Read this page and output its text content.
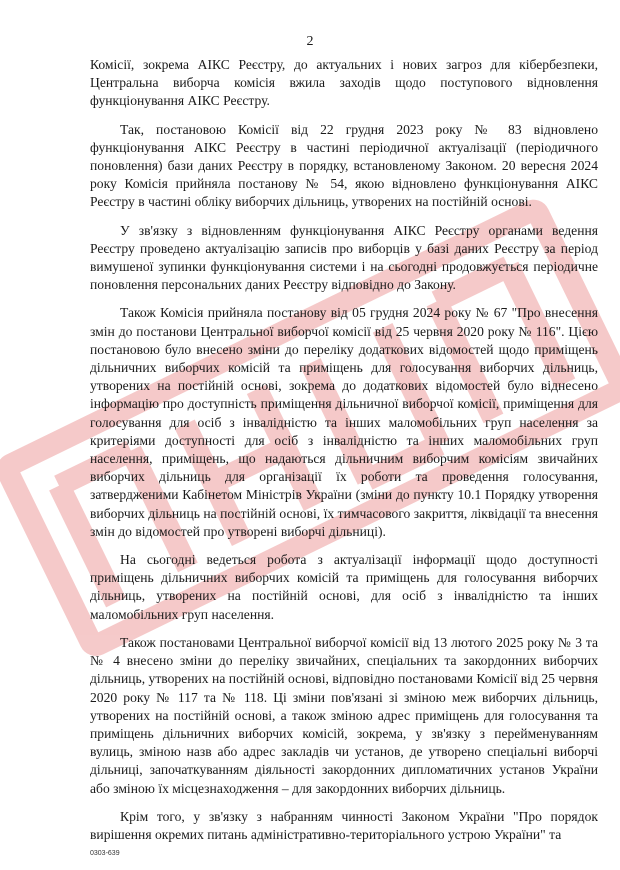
2

Комісії, зокрема АІКС Реєстру, до актуальних і нових загроз для кібербезпеки, Центральна виборча комісія вжила заходів щодо поступового відновлення функціонування АІКС Реєстру.

Так, постановою Комісії від 22 грудня 2023 року № 83 відновлено функціонування АІКС Реєстру в частині періодичної актуалізації (періодичного поновлення) бази даних Реєстру в порядку, встановленому Законом. 20 вересня 2024 року Комісія прийняла постанову № 54, якою відновлено функціонування АІКС Реєстру в частині обліку виборчих дільниць, утворених на постійній основі.

У зв'язку з відновленням функціонування АІКС Реєстру органами ведення Реєстру проведено актуалізацію записів про виборців у базі даних Реєстру за період вимушеної зупинки функціонування системи і на сьогодні продовжується періодичне поновлення персональних даних Реєстру відповідно до Закону.

Також Комісія прийняла постанову від 05 грудня 2024 року № 67 "Про внесення змін до постанови Центральної виборчої комісії від 25 червня 2020 року № 116". Цією постановою було внесено зміни до переліку додаткових відомостей щодо приміщень дільничних виборчих комісій та приміщень для голосування виборчих дільниць, утворених на постійній основі, зокрема до додаткових відомостей було віднесено інформацію про доступність приміщення дільничної виборчої комісії, приміщення для голосування для осіб з інвалідністю та інших маломобільних груп населення за критеріями доступності для осіб з інвалідністю та інших маломобільних груп населення, приміщень, що надаються дільничним виборчим комісіям звичайних виборчих дільниць для організації їх роботи та проведення голосування, затвердженими Кабінетом Міністрів України (зміни до пункту 10.1 Порядку утворення виборчих дільниць на постійній основі, їх тимчасового закриття, ліквідації та внесення змін до відомостей про утворені виборчі дільниці).

На сьогодні ведеться робота з актуалізації інформації щодо доступності приміщень дільничних виборчих комісій та приміщень для голосування виборчих дільниць, утворених на постійній основі, для осіб з інвалідністю та інших маломобільних груп населення.

Також постановами Центральної виборчої комісії від 13 лютого 2025 року № 3 та № 4 внесено зміни до переліку звичайних, спеціальних та закордонних виборчих дільниць, утворених на постійній основі, відповідно постановами Комісії від 25 червня 2020 року № 117 та № 118. Ці зміни пов'язані зі зміною меж виборчих дільниць, утворених на постійній основі, а також зміною адрес приміщень для голосування та приміщень дільничних виборчих комісій, зокрема, у зв'язку з перейменуванням вулиць, зміною назв або адрес закладів чи установ, де утворено спеціальні виборчі дільниці, започаткуванням діяльності закордонних дипломатичних установ України або зміною їх місцезнаходження – для закордонних виборчих дільниць.

Крім того, у зв'язку з набранням чинності Законом України "Про порядок вирішення окремих питань адміністративно-територіального устрою України" та

0303-639
